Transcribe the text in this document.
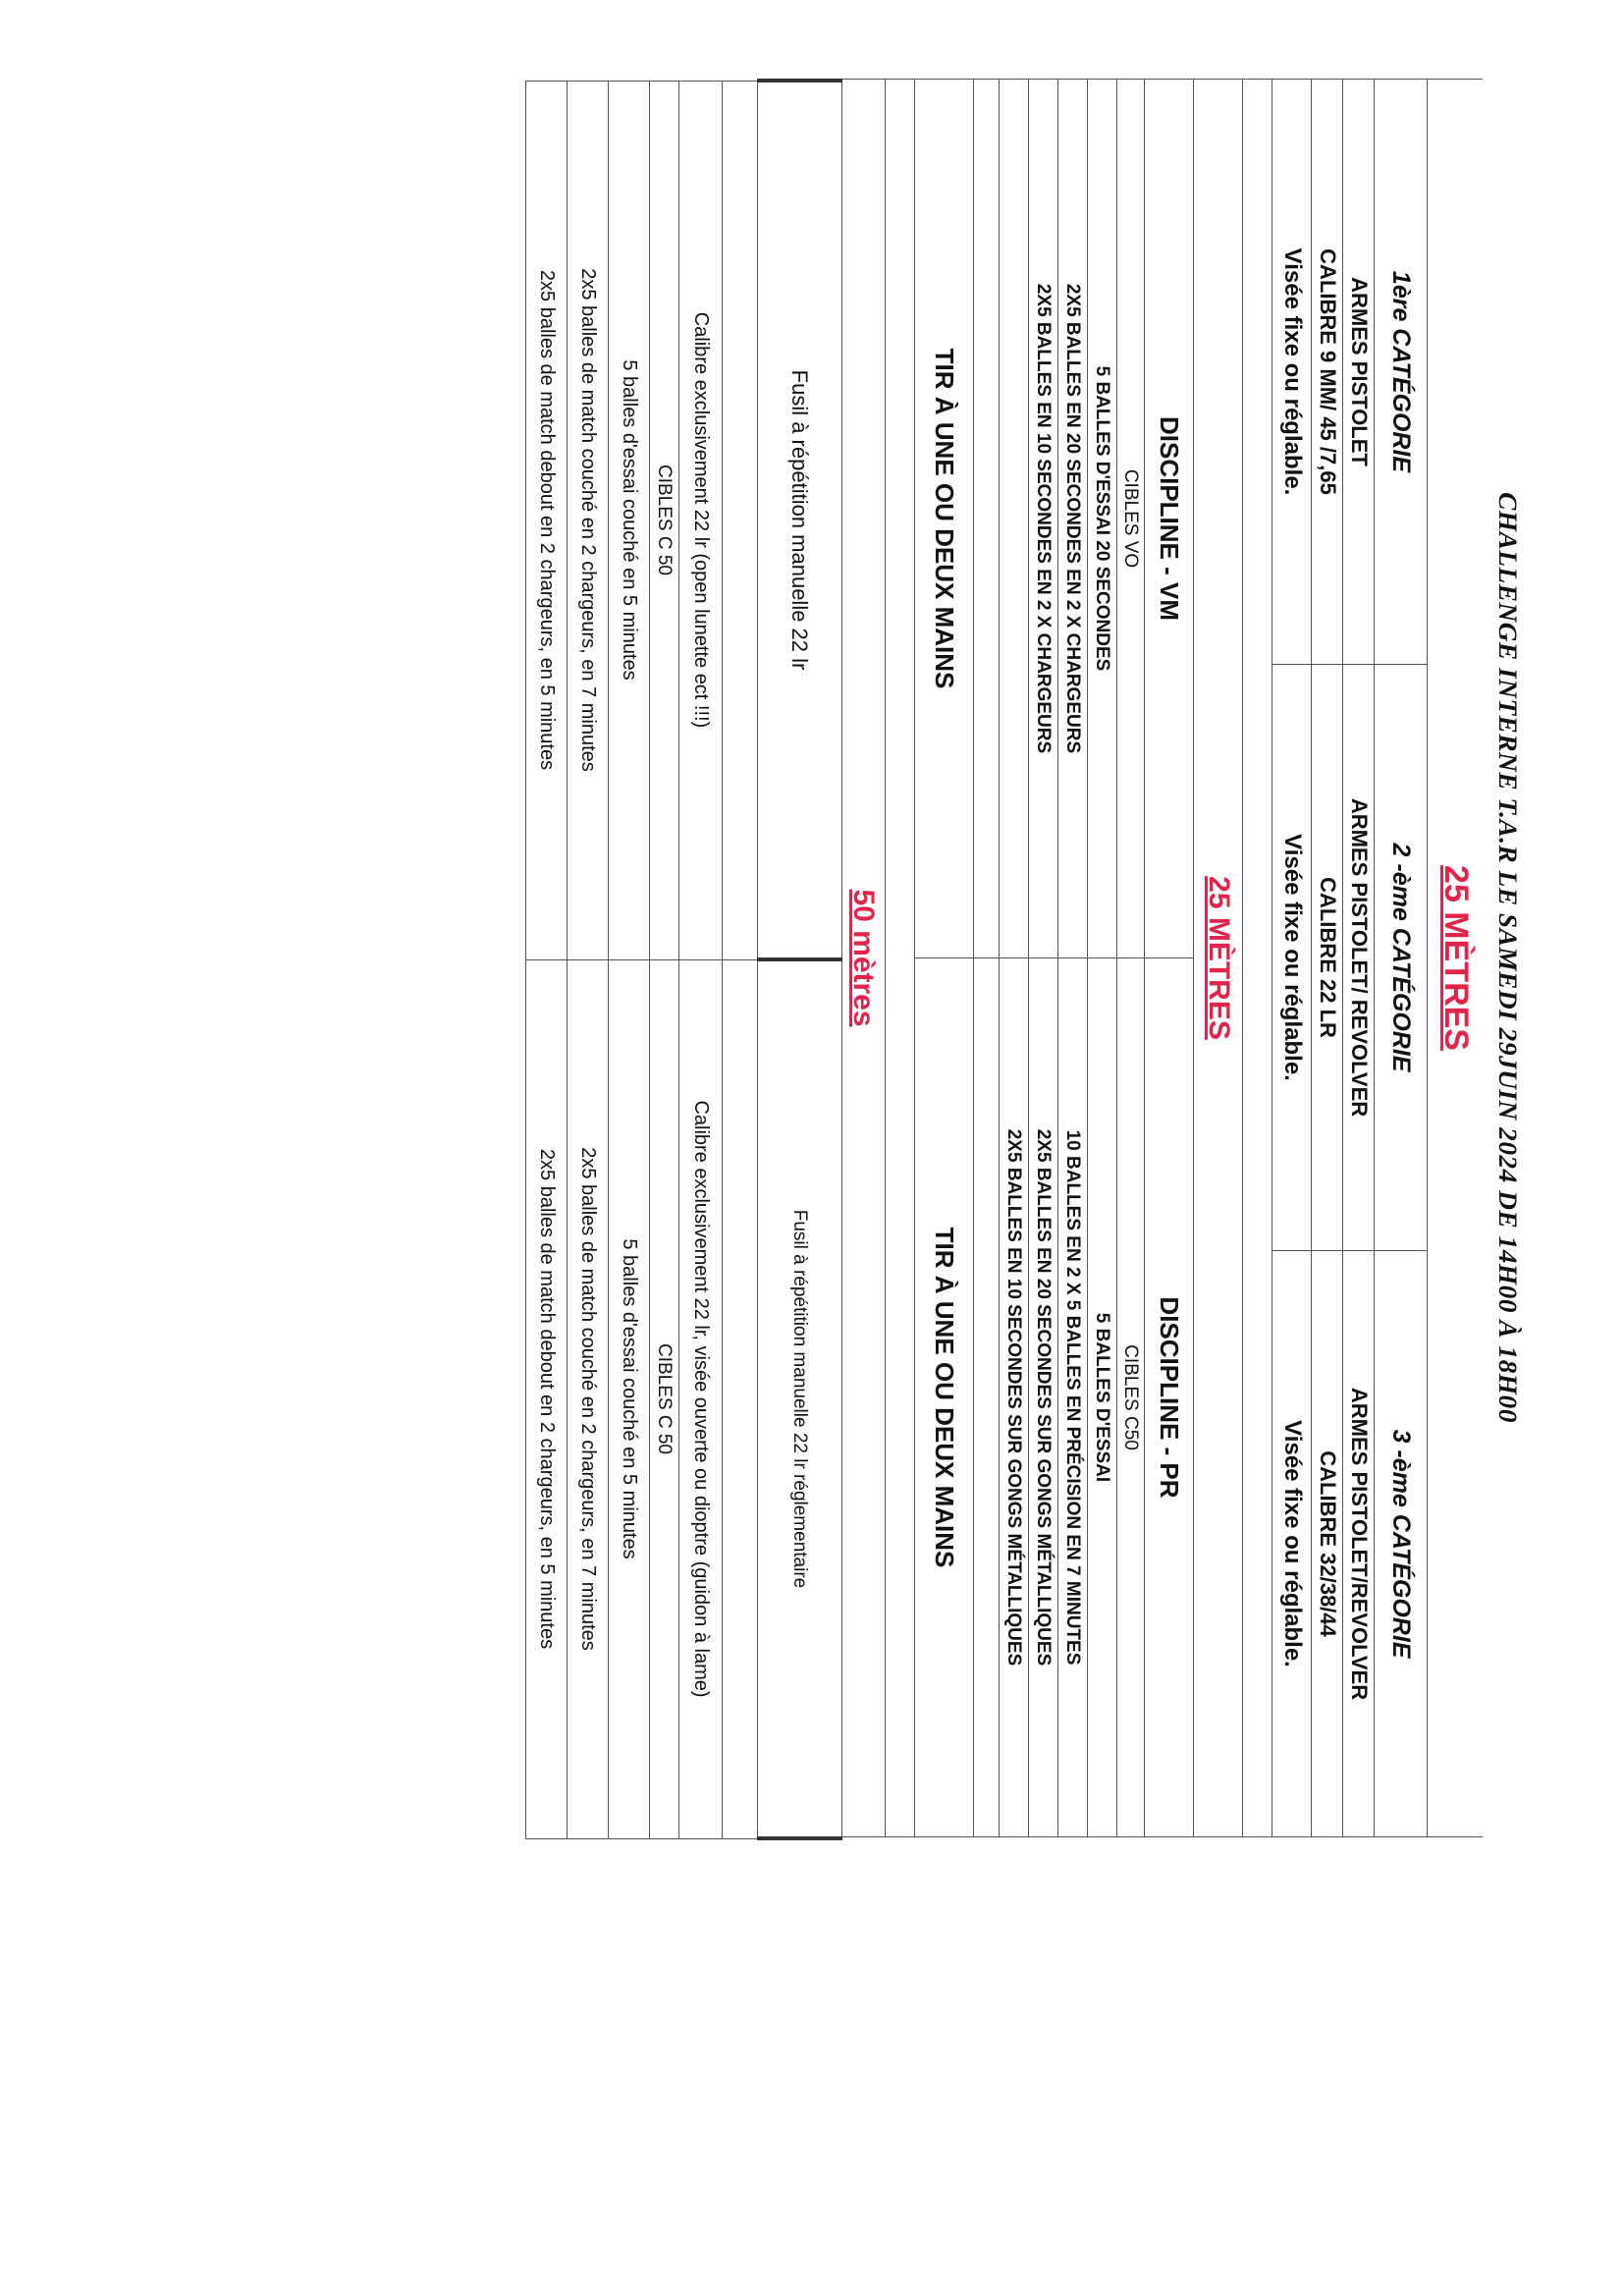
CHALLENGE INTERNE T.A.R LE SAMEDI 29JUIN 2024 DE 14H00 À 18H00
25 MÈTRES		
1ère CATÉGORIE	2 -ème CATÉGORIE	3 -ème CATÉGORIE
ARMES PISTOLET	ARMES PISTOLET/ REVOLVER	ARMES PISTOLET/REVOLVER
CALIBRE 9 MM/ 45 /7,65	CALIBRE 22 LR	CALIBRE 32/38/44
Visée fixe ou réglable.	Visée fixe ou réglable.	Visée fixe ou réglable.

25 MÈTRES		
DISCIPLINE - VM	DISCIPLINE - PR
CIBLES VO	CIBLES C50
5 BALLES D'ESSAI 20 SECONDES	5 BALLES D'ESSAI
2X5 BALLES EN 20 SECONDES EN 2 X CHARGEURS	10 BALLES EN 2 X 5 BALLES EN PRÉCISION EN 7 MINUTES
2X5 BALLES EN 10 SECONDES EN 2 X CHARGEURS	2X5 BALLES EN 20 SECONDES SUR GONGS MÉTALLIQUES
	2X5 BALLES EN 10 SECONDES SUR GONGS MÉTALLIQUES

TIR À UNE OU DEUX MAINS	TIR À UNE OU DEUX MAINS

50 mètres	
Fusil à répétition manuelle 22 lr	Fusil à répétition manuelle 22 lr réglementaire

Calibre exclusivement 22 lr (open lunette ect !!!)	Calibre exclusivement 22 lr, visée ouverte ou dioptre (guidon à lame)
CIBLES C 50	CIBLES C 50
5 balles d'essai couché en 5 minutes	5 balles d'essai couché en 5 minutes
2x5 balles de match couché en 2 chargeurs, en 7 minutes	2x5 balles de match couché en 2 chargeurs, en 7 minutes
2x5 balles de match debout en 2 chargeurs, en 5 minutes	2x5 balles de match debout en 2 chargeurs, en 5 minutes
